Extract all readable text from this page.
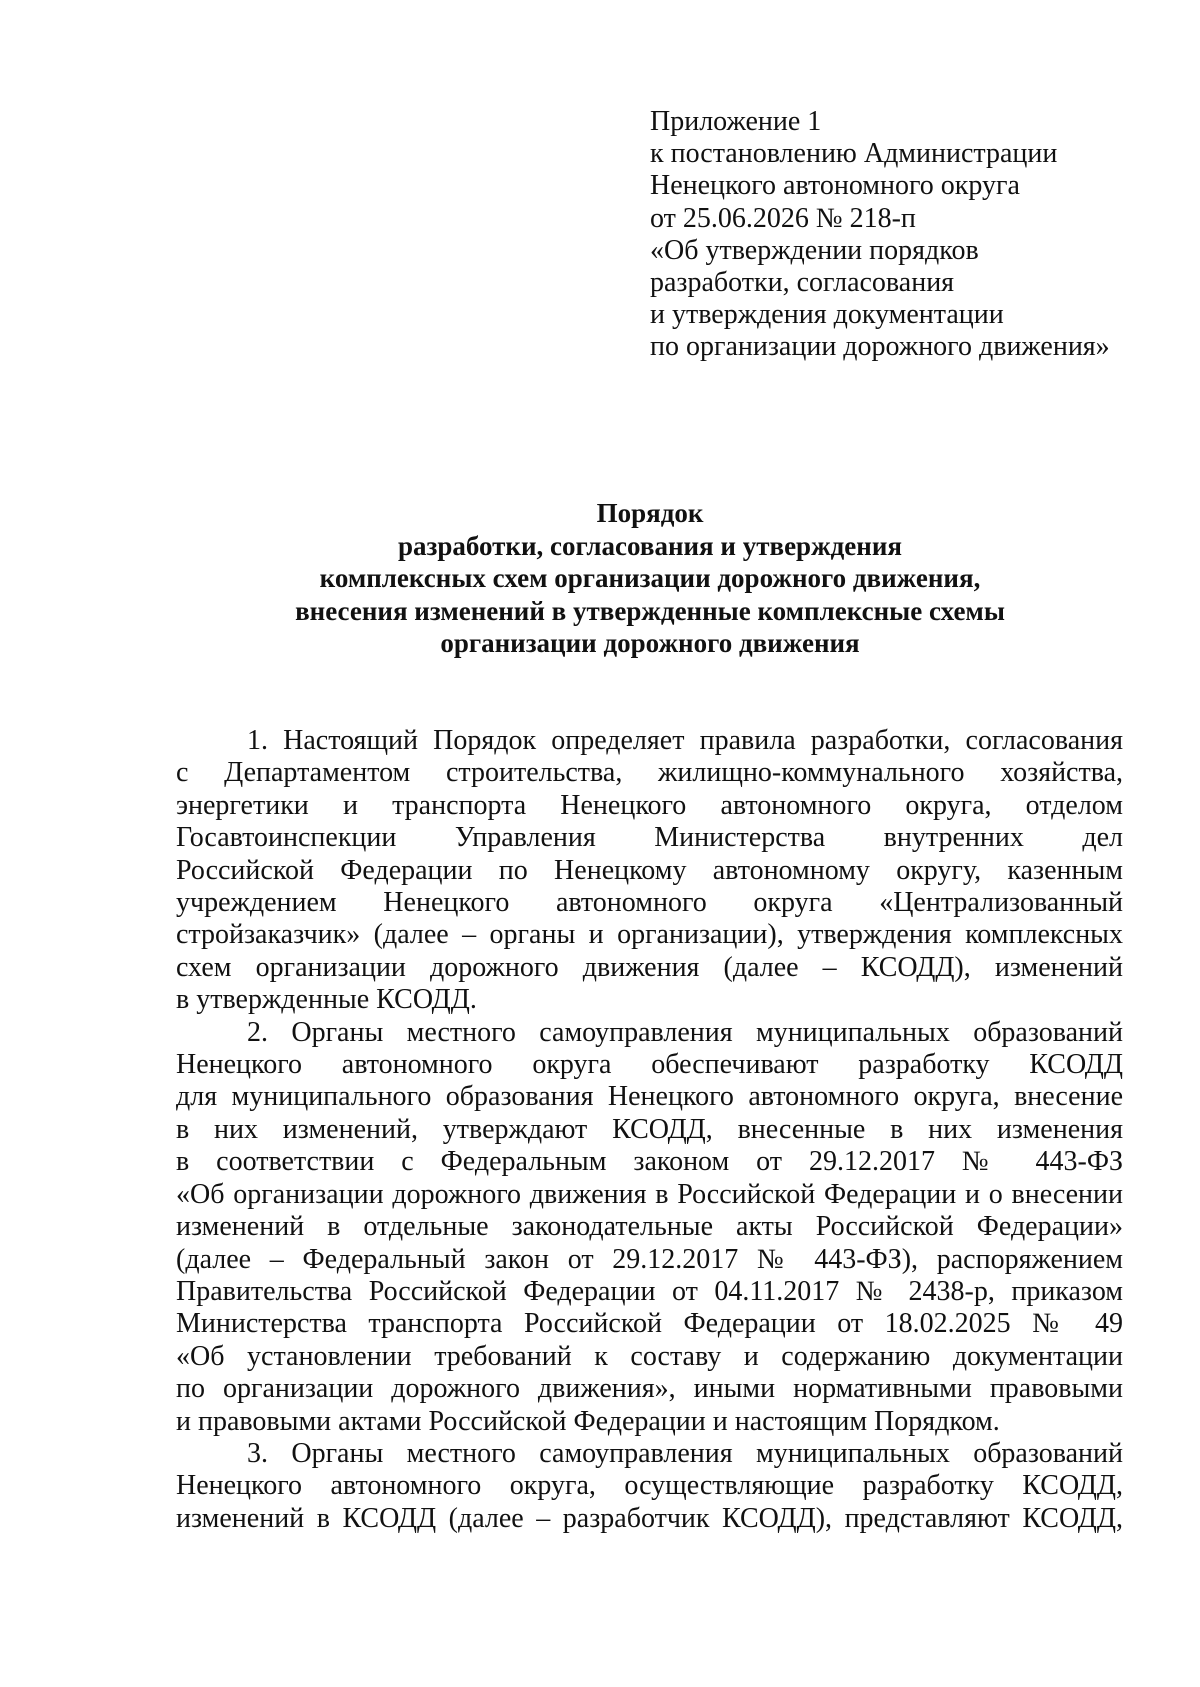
Приложение 1
к постановлению Администрации
Ненецкого автономного округа
от 25.06.2026 № 218-п
«Об утверждении порядков
разработки, согласования
и утверждения документации
по организации дорожного движения»
Порядок
разработки, согласования и утверждения
комплексных схем организации дорожного движения,
внесения изменений в утвержденные комплексные схемы
организации дорожного движения
1. Настоящий Порядок определяет правила разработки, согласования
с Департаментом строительства, жилищно-коммунального хозяйства,
энергетики и транспорта Ненецкого автономного округа, отделом
Госавтоинспекции Управления Министерства внутренних дел
Российской Федерации по Ненецкому автономному округу, казенным
учреждением Ненецкого автономного округа «Централизованный
стройзаказчик» (далее – органы и организации), утверждения комплексных
схем организации дорожного движения (далее – КСОДД), изменений
в утвержденные КСОДД.
2. Органы местного самоуправления муниципальных образований
Ненецкого автономного округа обеспечивают разработку КСОДД
для муниципального образования Ненецкого автономного округа, внесение
в них изменений, утверждают КСОДД, внесенные в них изменения
в соответствии с Федеральным законом от 29.12.2017 № 443-ФЗ
«Об организации дорожного движения в Российской Федерации и о внесении
изменений в отдельные законодательные акты Российской Федерации»
(далее – Федеральный закон от 29.12.2017 № 443-ФЗ), распоряжением
Правительства Российской Федерации от 04.11.2017 № 2438-р, приказом
Министерства транспорта Российской Федерации от 18.02.2025 № 49
«Об установлении требований к составу и содержанию документации
по организации дорожного движения», иными нормативными правовыми
и правовыми актами Российской Федерации и настоящим Порядком.
3. Органы местного самоуправления муниципальных образований
Ненецкого автономного округа, осуществляющие разработку КСОДД,
изменений в КСОДД (далее – разработчик КСОДД), представляют КСОДД,
